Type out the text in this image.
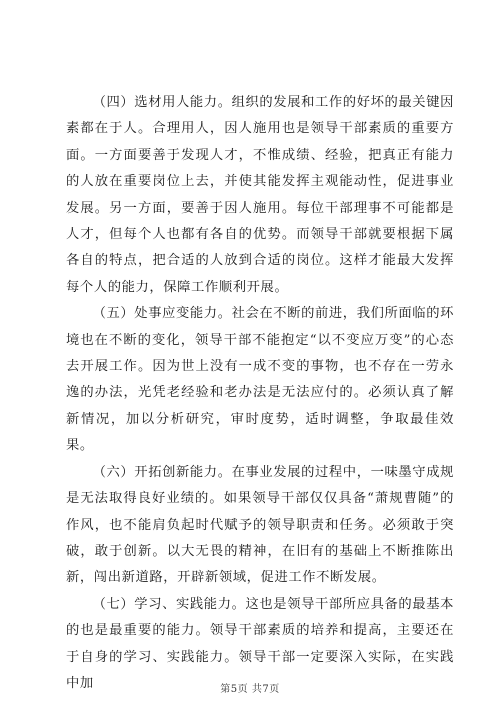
（四）选材用人能力。组织的发展和工作的好坏的最关键因素都在于人。合理用人，因人施用也是领导干部素质的重要方面。一方面要善于发现人才，不惟成绩、经验，把真正有能力的人放在重要岗位上去，并使其能发挥主观能动性，促进事业发展。另一方面，要善于因人施用。每位干部理事不可能都是人才，但每个人也都有各自的优势。而领导干部就要根据下属各自的特点，把合适的人放到合适的岗位。这样才能最大发挥每个人的能力，保障工作顺利开展。

（五）处事应变能力。社会在不断的前进，我们所面临的环境也在不断的变化，领导干部不能抱定“以不变应万变”的心态去开展工作。因为世上没有一成不变的事物，也不存在一劳永逸的办法，光凭老经验和老办法是无法应付的。必须认真了解新情况，加以分析研究，审时度势，适时调整，争取最佳效果。

（六）开拓创新能力。在事业发展的过程中，一味墨守成规是无法取得良好业绩的。如果领导干部仅仅具备“萧规曹随”的作风，也不能肩负起时代赋予的领导职责和任务。必须敢于突破，敢于创新。以大无畏的精神，在旧有的基础上不断推陈出新，闯出新道路，开辟新领域，促进工作不断发展。

（七）学习、实践能力。这也是领导干部所应具备的最基本的也是最重要的能力。领导干部素质的培养和提高，主要还在于自身的学习、实践能力。领导干部一定要深入实际，在实践中加	第5页 共7页
